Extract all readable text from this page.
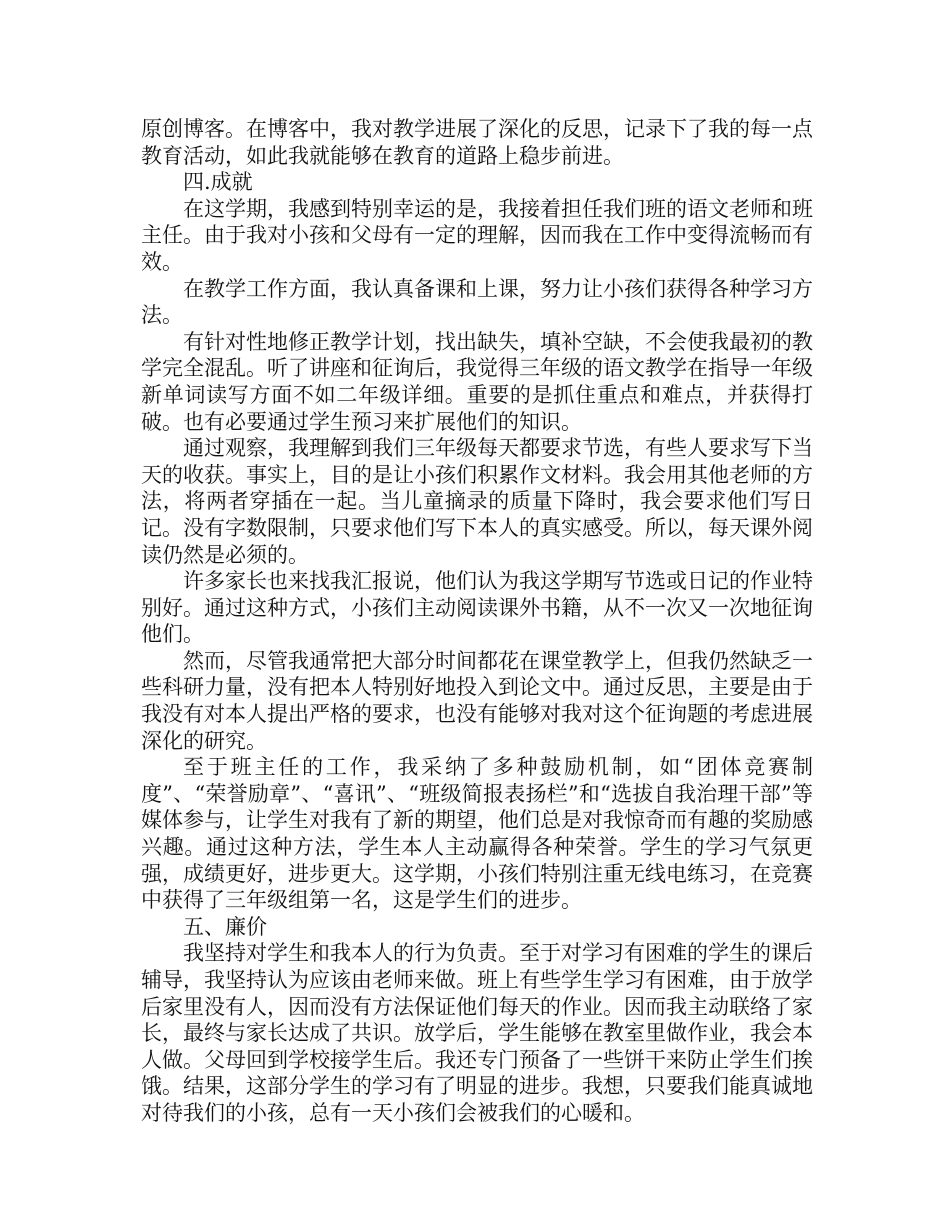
原创博客。在博客中，我对教学进展了深化的反思，记录下了我的每一点教育活动，如此我就能够在教育的道路上稳步前进。

四.成就

在这学期，我感到特别幸运的是，我接着担任我们班的语文老师和班主任。由于我对小孩和父母有一定的理解，因而我在工作中变得流畅而有效。

在教学工作方面，我认真备课和上课，努力让小孩们获得各种学习方法。

有针对性地修正教学计划，找出缺失，填补空缺，不会使我最初的教学完全混乱。听了讲座和征询后，我觉得三年级的语文教学在指导一年级新单词读写方面不如二年级详细。重要的是抓住重点和难点，并获得打破。也有必要通过学生预习来扩展他们的知识。

通过观察，我理解到我们三年级每天都要求节选，有些人要求写下当天的收获。事实上，目的是让小孩们积累作文材料。我会用其他老师的方法，将两者穿插在一起。当儿童摘录的质量下降时，我会要求他们写日记。没有字数限制，只要求他们写下本人的真实感受。所以，每天课外阅读仍然是必须的。

许多家长也来找我汇报说，他们认为我这学期写节选或日记的作业特别好。通过这种方式，小孩们主动阅读课外书籍，从不一次又一次地征询他们。

然而，尽管我通常把大部分时间都花在课堂教学上，但我仍然缺乏一些科研力量，没有把本人特别好地投入到论文中。通过反思，主要是由于我没有对本人提出严格的要求，也没有能够对我对这个征询题的考虑进展深化的研究。

至于班主任的工作，我采纳了多种鼓励机制，如“团体竞赛制度”、“荣誉励章”、“喜讯”、“班级简报表扬栏”和“选拔自我治理干部”等媒体参与，让学生对我有了新的期望，他们总是对我惊奇而有趣的奖励感兴趣。通过这种方法，学生本人主动赢得各种荣誉。学生的学习气氛更强，成绩更好，进步更大。这学期，小孩们特别注重无线电练习，在竞赛中获得了三年级组第一名，这是学生们的进步。

五、廉价

我坚持对学生和我本人的行为负责。至于对学习有困难的学生的课后辅导，我坚持认为应该由老师来做。班上有些学生学习有困难，由于放学后家里没有人，因而没有方法保证他们每天的作业。因而我主动联络了家长，最终与家长达成了共识。放学后，学生能够在教室里做作业，我会本人做。父母回到学校接学生后。我还专门预备了一些饼干来防止学生们挨饿。结果，这部分学生的学习有了明显的进步。我想，只要我们能真诚地对待我们的小孩，总有一天小孩们会被我们的心暖和。
